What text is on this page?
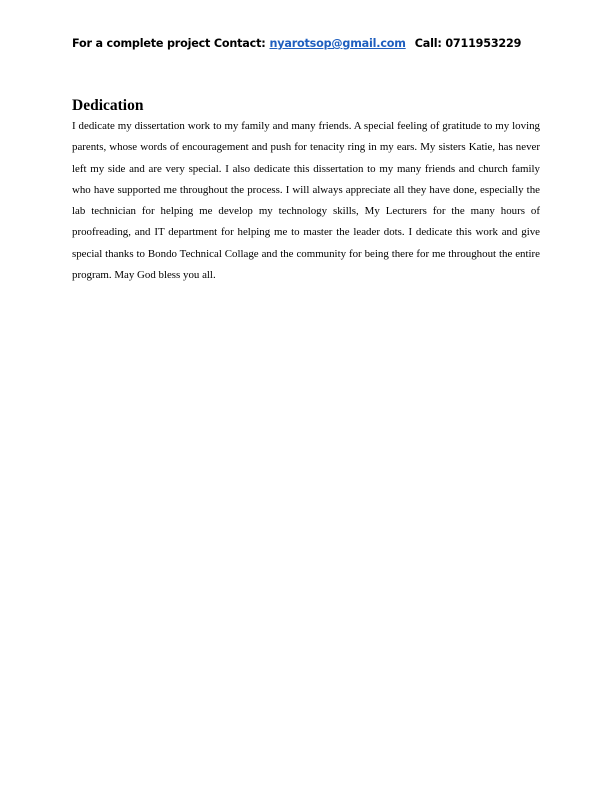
For a complete project Contact: nyarotsop@gmail.com Call: 0711953229
Dedication

I dedicate my dissertation work to my family and many friends. A special feeling of gratitude to my loving parents, whose words of encouragement and push for tenacity ring in my ears. My sisters Katie, has never left my side and are very special. I also dedicate this dissertation to my many friends and church family who have supported me throughout the process. I will always appreciate all they have done, especially the lab technician for helping me develop my technology skills, My Lecturers for the many hours of proofreading, and IT department for helping me to master the leader dots. I dedicate this work and give special thanks to Bondo Technical Collage and the community for being there for me throughout the entire program. May God bless you all.
